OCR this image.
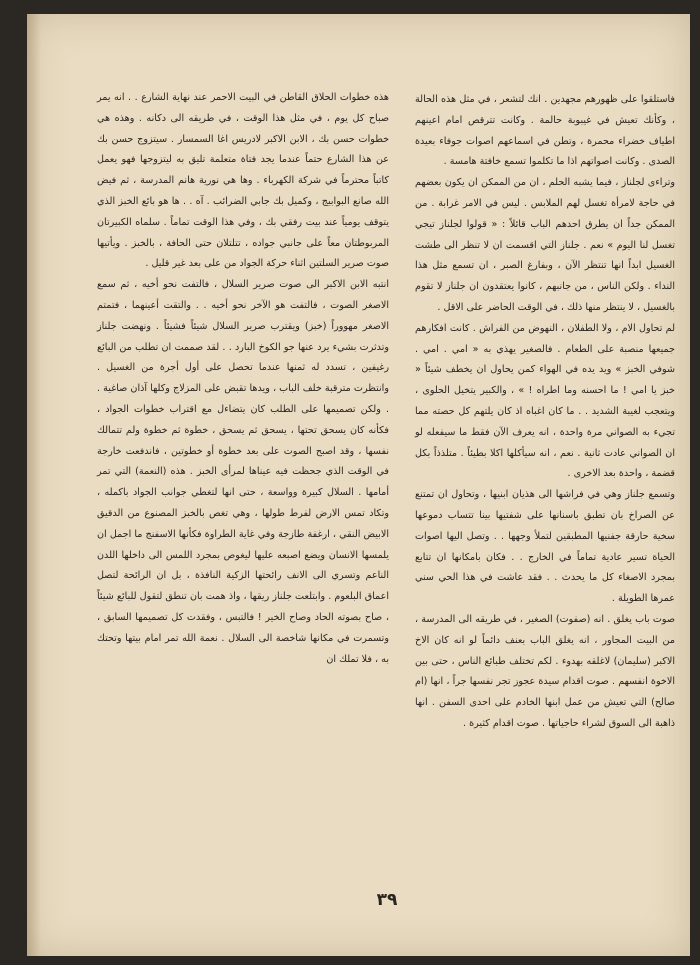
فاستلقوا على ظهورهم مجهدين . انك لتشعر ، في مثل هذه الحالة ، وكأنك تعيش في غيبوبة حالمة . وكانت تترقص امام اعينهم اطياف خضراء محمرة ، وتطن في اسماعهم اصوات جوفاء بعيدة الصدى . وكانت اصواتهم اذا ما تكلموا تسمع خافتة هامسة .

وتراءى لجلناز ، فيما يشبه الحلم ، ان من الممكن ان يكون بعضهم في حاجة لامرأة تغسل لهم الملابس . ليس في الامر غرابة . من الممكن جداً ان يطرق احدهم الباب قائلاً : « قولوا لجلناز تيجي تغسل لنا اليوم » نعم . جلناز التي اقسمت ان لا تنظر الى طشت الغسيل ابداً انها تنتظر الآن ، وبفارغ الصبر ، ان تسمع مثل هذا النداء . ولكن الناس ، من جانبهم ، كانوا يعتقدون ان جلناز لا تقوم بالغسيل ، لا ينتظر منها ذلك ، في الوقت الحاضر على الاقل .

لم تحاول الام ، ولا الطفلان ، النهوض من الفراش . كانت افكارهم جميعها منصبة على الطعام . فالصغير يهذي به « امي . امي . شوفي الخبز » ويد يده في الهواء كمن يحاول ان يخطف شيئاً « خبز يا امي ! ما احسنه وما اطراه ! » ، والكبير يتخيل الحلوى ، ويتعجب لغيبة الشديد . . ما كان اغباه اذ كان يلتهم كل حصته مما تجيء به الصواني مرة واحدة ، انه يعرف الآن فقط ما سيفعله لو ان الصواني عادت ثانية . نعم ، انه سيأكلها اكلا بطيئاً . متلذذاً بكل قضمة ، واحدة بعد الاخرى .

وتسمع جلناز وهي في فراشها الى هذيان ابنيها ، وتحاول ان تمتنع عن الصراخ بان تطبق باسنانها على شفتيها بينا تتساب دموعها سخية حارقة جفنيها المطبقين لتملأ وجهها . . وتصل اليها اصوات الحياة تسير عادية تماماً في الخارج . . فكان بامكانها ان تتابع بمجرد الاصغاء كل ما يحدث . . فقد عاشت في هذا الحي سني عمرها الطويلة .

صوت باب يغلق . انه (صفوت) الصغير ، في طريقه الى المدرسة ، من البيت المجاور ، انه يغلق الباب بعنف دائماً لو انه كان الاخ الاكبر (سليمان) لاغلقه بهدوء . لكم تختلف طبائع الناس ، حتى بين الاخوة انفسهم . صوت اقدام سيدة عجوز تجر نفسها جراً ، انها (ام صالح) التي تعيش من عمل ابنها الخادم على احدى السفن . انها ذاهبة الى السوق لشراء حاجياتها . صوت اقدام كثيرة .

هذه خطوات الحلاق القاطن في البيت الاحمر عند نهاية الشارع . . انه يمر صباح كل يوم ، في مثل هذا الوقت ، في طريقه الى دكانه . وهذه هي خطوات حسن بك ، الابن الاكبر لادريس اغا السمسار . سيتزوج حسن بك عن هذا الشارع حتماً عندما يجد فتاة متعلمة تليق به ليتزوجها فهو يعمل كاتباً محترماً في شركة الكهرباء . وها هي نورية هانم المدرسة ، ثم فيض الله صانع البوابيج ، وكميل بك جابي الضرائب . آه . . ها هو بائع الخبز الذي يتوقف يومياً عند بيت رفقي بك ، وفي هذا الوقت تماماً . سلماه الكبيرتان المربوطتان معاً على جانبي جواده ، تتلتلان حتى الحافة ، بالخبز . ويأتيها صوت صرير السلتين اثناء حركة الجواد من على بعد غير قليل .

انتبه الابن الاكبر الى صوت صرير السلال ، فالتفت نحو أخيه ، ثم سمع الاصغر الصوت ، فالتفت هو الآخر نحو أخيه . . والتقت أعينهما ، فتمتم الاصغر مهووراً (خبز) ويقترب صرير السلال شيئاً فشيئاً . ونهضت جلناز وتدثرت بشيء يرد عنها جو الكوخ البارد . . لقد صممت ان تطلب من البائع رغيفين ، تسدد له ثمنها عندما تحصل على أول أجرة من الغسيل . وانتظرت مترقبة خلف الباب ، ويدها تقبض على المزلاج وكلها آذان صاغية . . ولكن تصميمها على الطلب كان يتضاءل مع اقتراب خطوات الجواد ، فكأنه كان يسحق تحتها ، يسحق ثم يسحق ، خطوة ثم خطوة ولم تتمالك نفسها ، وقد اصبح الصوت على بعد خطوة أو خطوتين ، فاندفعت خارجة في الوقت الذي جحظت فيه عيناها لمرأى الخبز . هذه (النعمة) التي تمر أمامها . السلال كبيرة وواسعة ، حتى انها لتغطي جوانب الجواد باكمله ، وتكاد تمس الارض لفرط طولها ، وهي تغص بالخبز المصنوع من الدقيق الابيض النقي ، ارغفة طازجة وفي غاية الطراوة فكأنها الاسفنج ما اجمل ان يلمسها الانسان ويضع اصبعه عليها ليغوص بمجرد اللمس الى داخلها اللدن الناعم وتسري الى الانف رائحتها الزكية النافذة ، بل ان الرائحة لتصل اعماق البلعوم . وابتلعت جلناز ريقها ، واذ همت بان تنطق لتقول للبائع شيئاً ، صاح بصوته الحاد وصاح الخير ! فالتبس ، وفقدت كل تصميمها السابق ، وتسمرت في مكانها شاخصة الى السلال . نعمة الله تمر امام بيتها وتحتك به ، فلا تملك ان

٣٩
